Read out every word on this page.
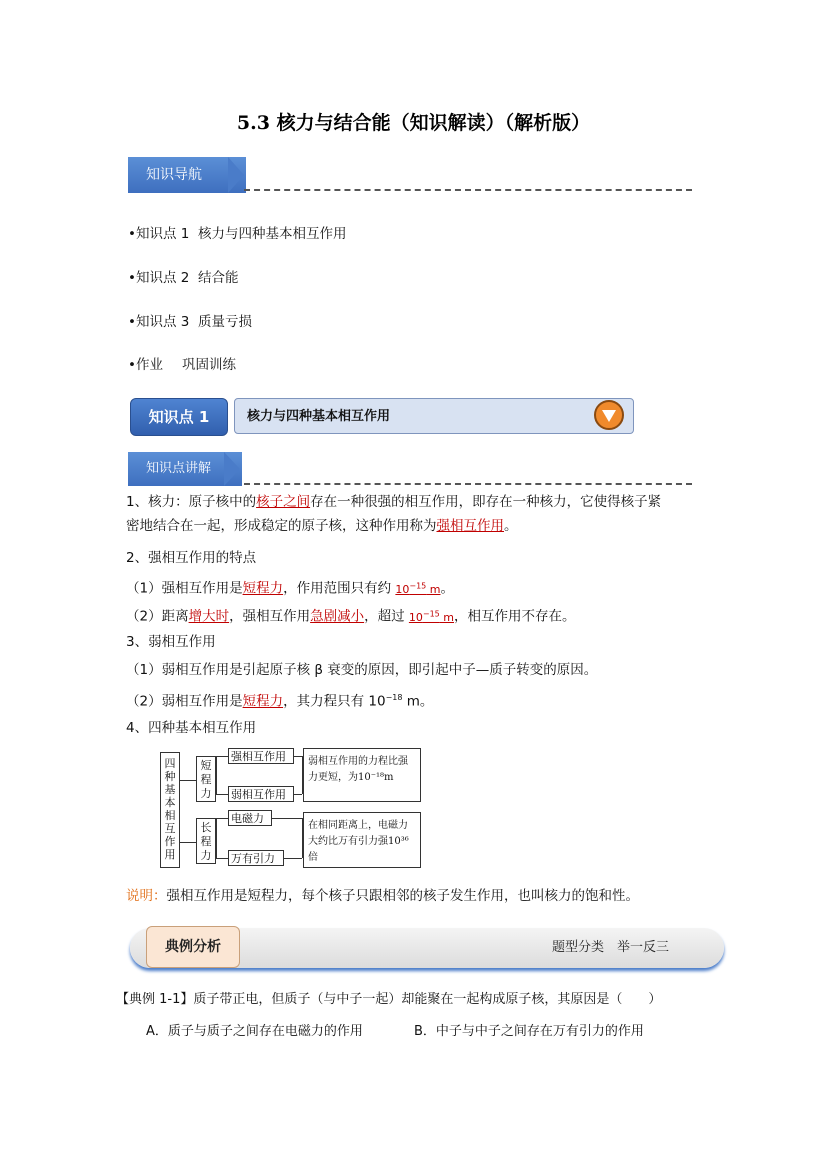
5.3 核力与结合能（知识解读）（解析版）
知识导航
•知识点 1 核力与四种基本相互作用
•知识点 2 结合能
•知识点 3 质量亏损
•作业 巩固训练
知识点 1	核力与四种基本相互作用
知识点讲解
1、核力：原子核中的核子之间存在一种很强的相互作用，即存在一种核力，它使得核子紧
密地结合在一起，形成稳定的原子核，这种作用称为强相互作用。
2、强相互作用的特点
（1）强相互作用是短程力，作用范围只有约 $10^{-15}$ m。
（2）距离增大时，强相互作用急剧减小，超过 $10^{-15}$ m，相互作用不存在。
3、弱相互作用
（1）弱相互作用是引起原子核 β 衰变的原因，即引起中子—质子转变的原因。
（2）弱相互作用是短程力，其力程只有 $10^{-18}$ m。
4、四种基本相互作用
四种基本相互作用
短程力
长程力
强相互作用
弱相互作用
电磁力
万有引力
弱相互作用的力程比强力更短，为10⁻¹⁸m
在相同距离上，电磁力大约比万有引力强10³⁶倍
说明：强相互作用是短程力，每个核子只跟相邻的核子发生作用，也叫核力的饱和性。
典例分析	题型分类　举一反三
【典例 1-1】质子带正电，但质子（与中子一起）却能聚在一起构成原子核，其原因是（　　）
A．质子与质子之间存在电磁力的作用	B．中子与中子之间存在万有引力的作用
